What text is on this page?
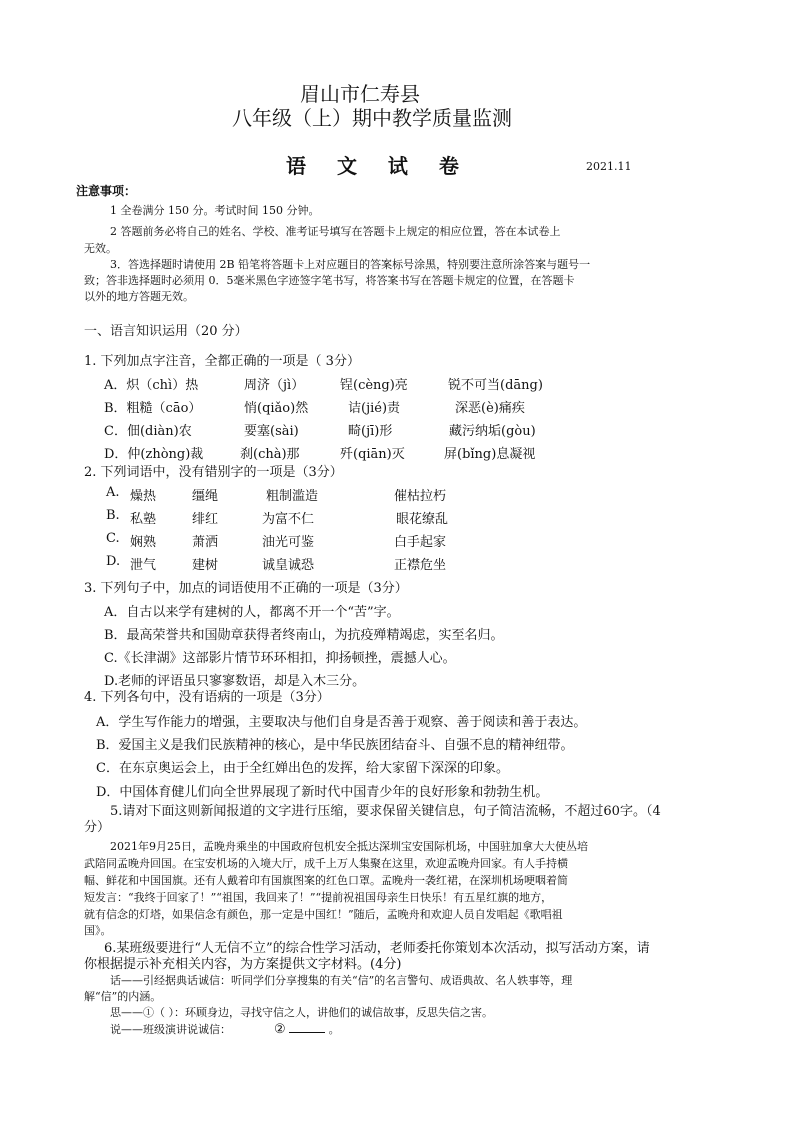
眉山市仁寿县
八年级（上）期中教学质量监测
语 文 试 卷	2021.11
注意事项：
1 全卷满分 150 分。考试时间 150 分钟。
2 答题前务必将自己的姓名、学校、准考证号填写在答题卡上规定的相应位置，答在本试卷上
无效。
3．答选择题时请使用 2B 铅笔将答题卡上对应题目的答案标号涂黑，特别要注意所涂答案与题号一
致；答非选择题时必须用 0．5毫米黑色字迹签字笔书写，将答案书写在答题卡规定的位置，在答题卡
以外的地方答题无效。
一、语言知识运用（20 分）
1. 下列加点字注音，全都正确的一项是（ 3分）
A．炽（chì）热	周济（jì）	锃(cèng)亮	锐不可当(dāng)
B．粗糙（cāo）	悄(qiǎo)然	诘(jié)责	深恶(è)痛疾
C．佃(diàn)农	要塞(sài)	畸(jī)形	藏污纳垢(gòu)
D．仲(zhòng)裁	刹(chà)那	歼(qiān)灭	屏(bǐng)息凝视
2. 下列词语中，没有错别字的一项是（3分）
A. 燥热	缰绳	粗制滥造	催枯拉朽
B. 私塾	绯红	为富不仁	眼花缭乱
C. 娴熟	萧洒	油光可鉴	白手起家
D. 泄气	建树	诚皇诚恐	正襟危坐
3. 下列句子中，加点的词语使用不正确的一项是（3分）
A．自古以来学有建树的人，都离不开一个“苦”字。
B．最高荣誉共和国勋章获得者终南山，为抗疫殚精竭虑，实至名归。
C.《长津湖》这部影片情节环环相扣，抑扬顿挫，震撼人心。
D.老师的评语虽只寥寥数语，却是入木三分。
4. 下列各句中，没有语病的一项是（3分）
A．学生写作能力的增强，主要取决与他们自身是否善于观察、善于阅读和善于表达。
B．爱国主义是我们民族精神的核心，是中华民族团结奋斗、自强不息的精神纽带。
C．在东京奥运会上，由于全红婵出色的发挥，给大家留下深深的印象。
D．中国体育健儿们向全世界展现了新时代中国青少年的良好形象和勃勃生机。
5.请对下面这则新闻报道的文字进行压缩，要求保留关键信息，句子简洁流畅，不超过60字。（4
分）
2021年9月25日，孟晚舟乘坐的中国政府包机安全抵达深圳宝安国际机场，中国驻加拿大大使丛培
武陪同孟晚舟回国。在宝安机场的入境大厅，成千上万人集聚在这里，欢迎孟晚舟回家。有人手持横
幅、鲜花和中国国旗。还有人戴着印有国旗图案的红色口罩。孟晚舟一袭红裙，在深圳机场哽咽着简
短发言：“我终于回家了！”“祖国，我回来了！”“提前祝祖国母亲生日快乐！有五星红旗的地方，
就有信念的灯塔，如果信念有颜色，那一定是中国红！”随后，孟晚舟和欢迎人员自发唱起《歌唱祖
国》。
6.某班级要进行“人无信不立”的综合性学习活动，老师委托你策划本次活动，拟写活动方案，请
你根据提示补充相关内容，为方案提供文字材料。(4分)
话——引经据典话诚信：听同学们分享搜集的有关“信”的名言警句、成语典故、名人轶事等，理
解“信”的内涵。
思——①（ ）：环顾身边，寻找守信之人，讲他们的诚信故事，反思失信之害。
说——班级演讲说诚信：	②	。
